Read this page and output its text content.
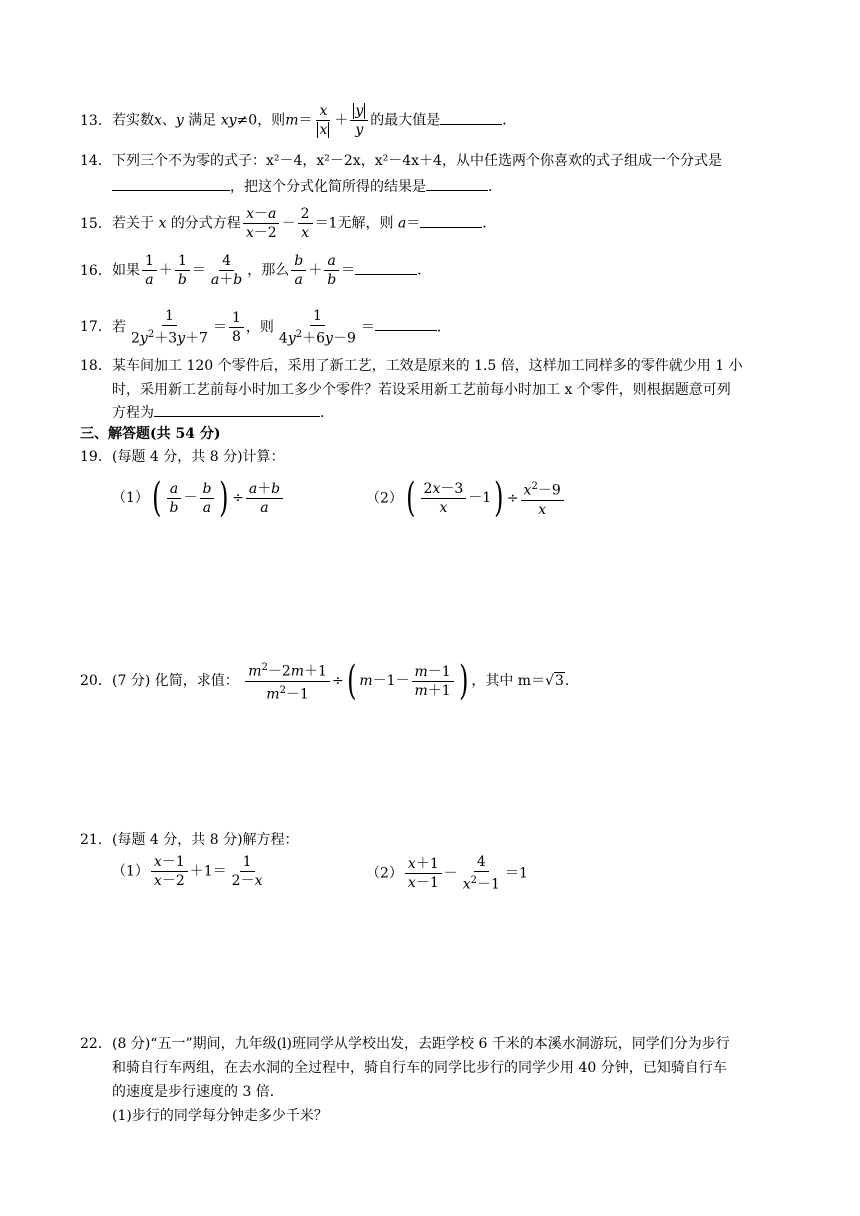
13．若实数x、y 满足 xy≠0，则$m= \frac{x}{x} + \frac{y}{y}$ 的最大值是	．
14．下列三个不为零的式子：x²－4，x²－2x，x²－4x＋4，从中任选两个你喜欢的式子组成一个分式是
，把这个分式化简所得的结果是	．
15．若关于 x 的分式方程 $\frac{x-a}{x-2} - \frac{2}{x} =1$无解，则 a＝	．
16．如果 $\frac{1}{a} + \frac{1}{b} = \frac{4}{a+b}$ ，那么 $\frac{b}{a} + \frac{a}{b}$ ＝	．
17．若 $\frac{1}{2y^2+3y+7} = \frac{1}{8}$ ，则 $\frac{1}{4y^2+6y-9}$ ＝	．
18．某车间加工 120 个零件后，采用了新工艺，工效是原来的 1.5 倍，这样加工同样多的零件就少用 1 小
时，采用新工艺前每小时加工多少个零件？若设采用新工艺前每小时加工 x 个零件，则根据题意可列
方程为	．
三、解答题(共 54 分)
19．(每题 4 分，共 8 分)计算：
（1） ( $\frac{a}{b} - \frac{b}{a}$ ) ÷ $\frac{a+b}{a}$	（2） ( $\frac{2x-3}{x} -1$ ) ÷ $\frac{x^2-9}{x}$
20．(7 分) 化简，求值： $\frac{m^2-2m+1}{m^2-1}$ ÷ ( $m -1- \frac{m-1}{m+1}$ ) ，其中 m＝√3．
21．(每题 4 分，共 8 分)解方程：
$(1) \frac{x-1}{x-2} +1= \frac{1}{2-x}$	$(2) \frac{x+1}{x-1} - \frac{4}{x^2-1} =1$
22．(8 分)“五一”期间，九年级(l)班同学从学校出发，去距学校 6 千米的本溪水洞游玩，同学们分为步行
和骑自行车两组，在去水洞的全过程中，骑自行车的同学比步行的同学少用 40 分钟，已知骑自行车
的速度是步行速度的 3 倍．
(1)步行的同学每分钟走多少千米？
